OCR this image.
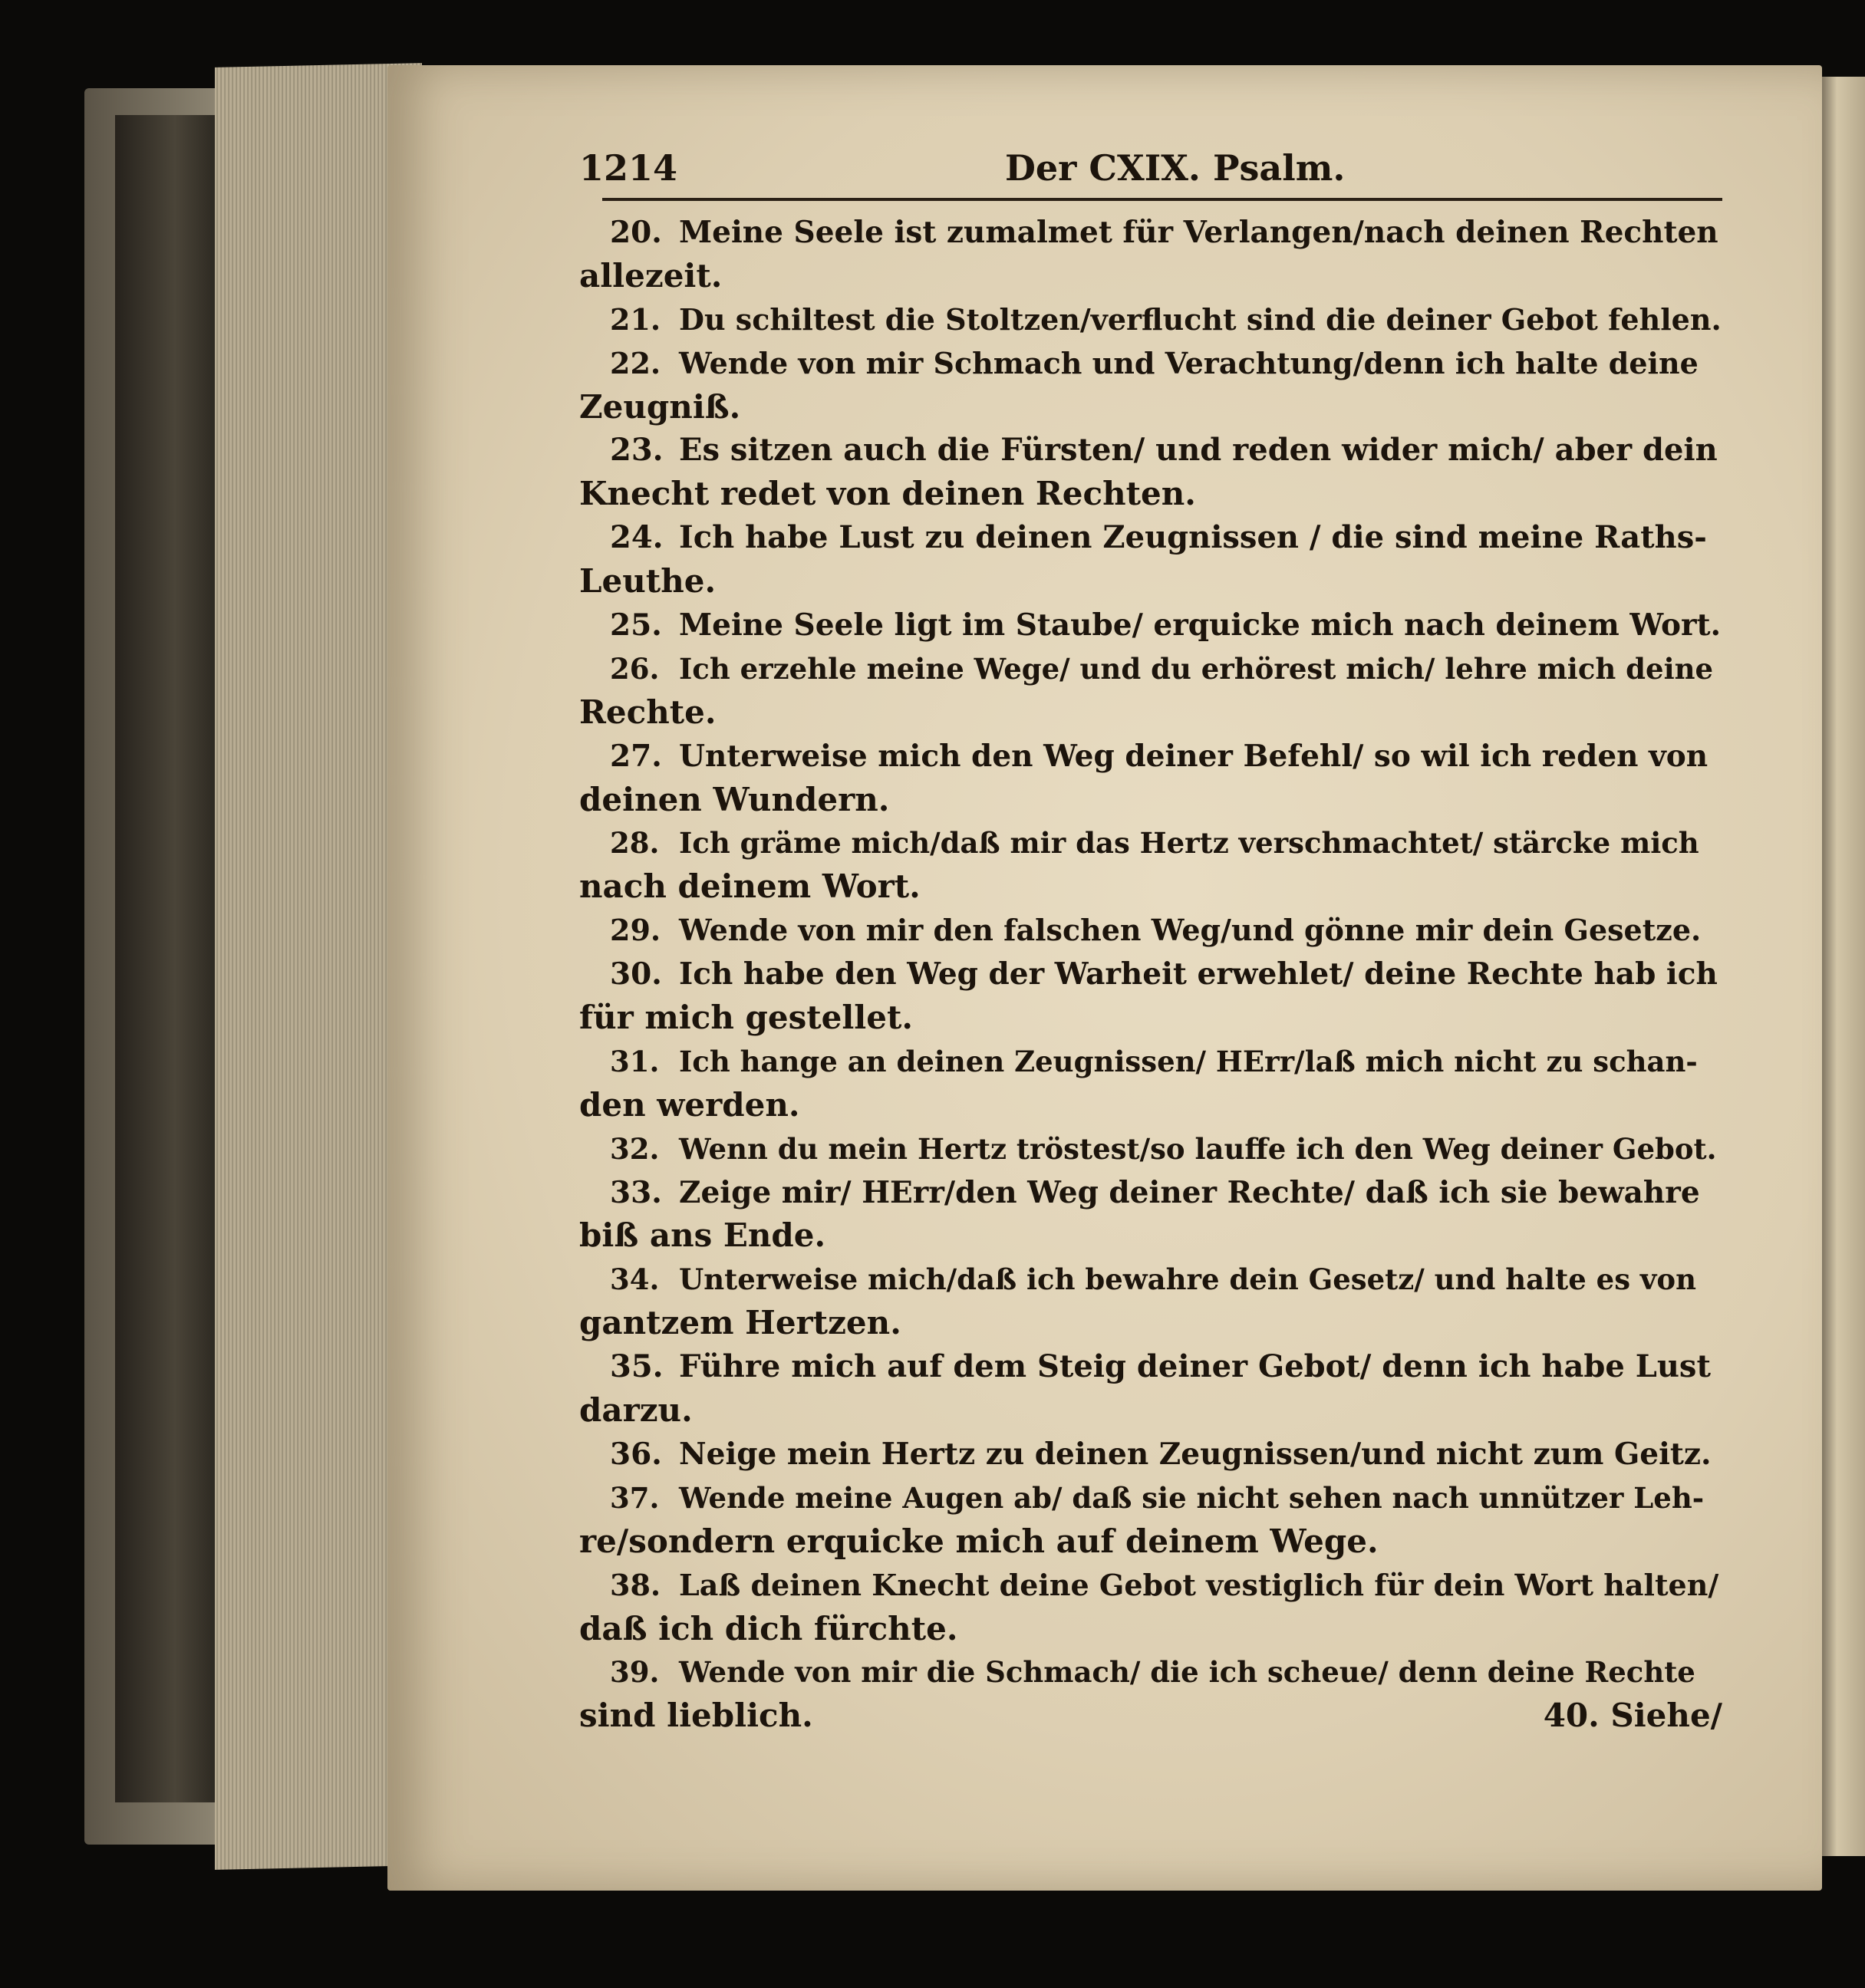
1214	Der CXIX. Psalm.
20. Meine Seele ist zumalmet für Verlangen/nach deinen Rechten
allezeit.
21. Du schiltest die Stoltzen/verflucht sind die deiner Gebot fehlen.
22. Wende von mir Schmach und Verachtung/denn ich halte deine
Zeugniß.
23. Es sitzen auch die Fürsten/ und reden wider mich/ aber dein
Knecht redet von deinen Rechten.
24. Ich habe Lust zu deinen Zeugnissen / die sind meine Raths-
Leuthe.
25. Meine Seele ligt im Staube/ erquicke mich nach deinem Wort.
26. Ich erzehle meine Wege/ und du erhörest mich/ lehre mich deine
Rechte.
27. Unterweise mich den Weg deiner Befehl/ so wil ich reden von
deinen Wundern.
28. Ich gräme mich/daß mir das Hertz verschmachtet/ stärcke mich
nach deinem Wort.
29. Wende von mir den falschen Weg/und gönne mir dein Gesetze.
30. Ich habe den Weg der Warheit erwehlet/ deine Rechte hab ich
für mich gestellet.
31. Ich hange an deinen Zeugnissen/ HErr/laß mich nicht zu schan-
den werden.
32. Wenn du mein Hertz tröstest/so lauffe ich den Weg deiner Gebot.
33. Zeige mir/ HErr/den Weg deiner Rechte/ daß ich sie bewahre
biß ans Ende.
34. Unterweise mich/daß ich bewahre dein Gesetz/ und halte es von
gantzem Hertzen.
35. Führe mich auf dem Steig deiner Gebot/ denn ich habe Lust
darzu.
36. Neige mein Hertz zu deinen Zeugnissen/und nicht zum Geitz.
37. Wende meine Augen ab/ daß sie nicht sehen nach unnützer Leh-
re/sondern erquicke mich auf deinem Wege.
38. Laß deinen Knecht deine Gebot vestiglich für dein Wort halten/
daß ich dich fürchte.
39. Wende von mir die Schmach/ die ich scheue/ denn deine Rechte
sind lieblich.	40. Siehe/
